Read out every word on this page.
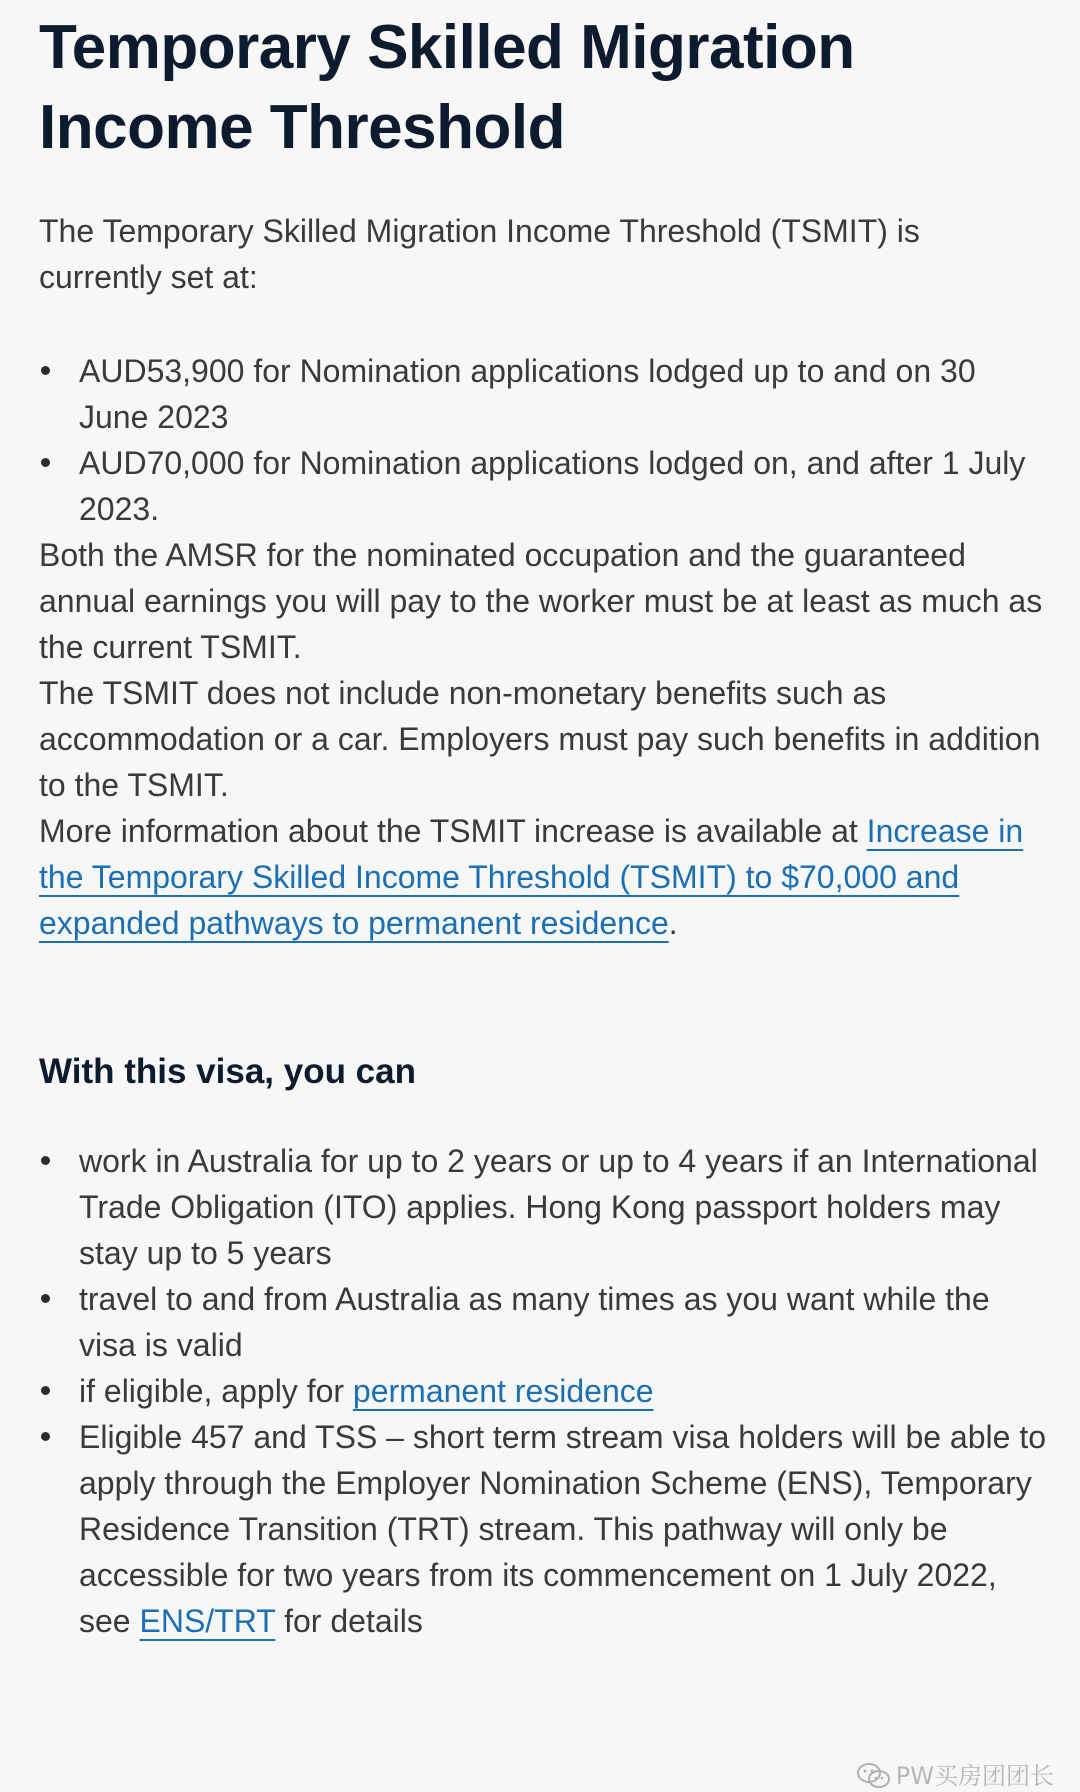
Temporary Skilled Migration Income Threshold

The Temporary Skilled Migration Income Threshold (TSMIT) is currently set at:

AUD53,900 for Nomination applications lodged up to and on 30 June 2023
AUD70,000 for Nomination applications lodged on, and after 1 July 2023.

Both the AMSR for the nominated occupation and the guaranteed annual earnings you will pay to the worker must be at least as much as the current TSMIT.

The TSMIT does not include non-monetary benefits such as accommodation or a car. Employers must pay such benefits in addition to the TSMIT.

More information about the TSMIT increase is available at Increase in the Temporary Skilled Income Threshold (TSMIT) to $70,000 and expanded pathways to permanent residence.

With this visa, you can
work in Australia for up to 2 years or up to 4 years if an International Trade Obligation (ITO) applies. Hong Kong passport holders may stay up to 5 years
travel to and from Australia as many times as you want while the visa is valid
if eligible, apply for permanent residence
Eligible 457 and TSS – short term stream visa holders will be able to apply through the Employer Nomination Scheme (ENS), Temporary Residence Transition (TRT) stream. This pathway will only be accessible for two years from its commencement on 1 July 2022, see ENS/TRT for details
PW买房团团长
